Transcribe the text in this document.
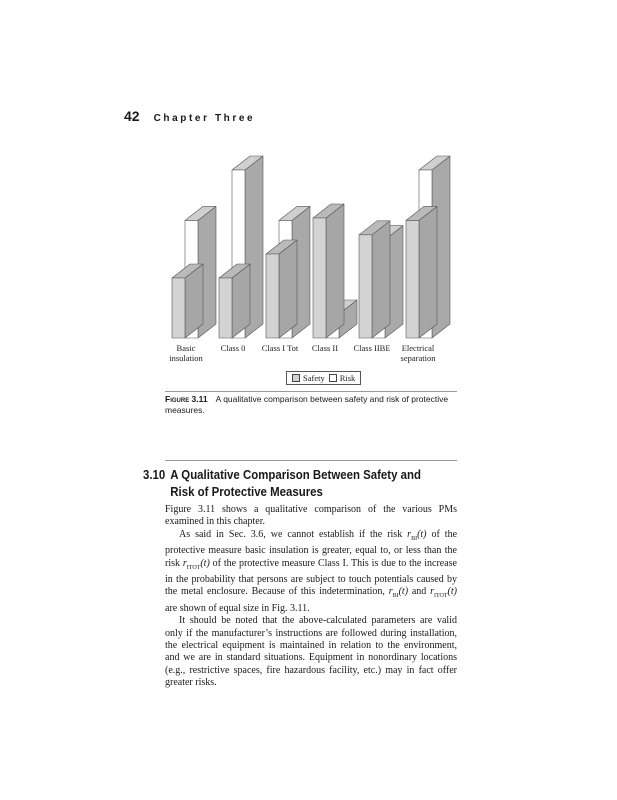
42 Chapter Three
Basic insulation
Class 0 Class I Tot Class II Class IIBE Electrical separation
Safety Risk
Figure 3.11 A qualitative comparison between safety and risk of protective measures.
3.10 A Qualitative Comparison Between Safety and
Risk of Protective Measures

Figure 3.11 shows a qualitative comparison of the various PMs examined in this chapter.

As said in Sec. 3.6, we cannot establish if the risk $r_{BI}(t)$ of the protective measure basic insulation is greater, equal to, or less than the risk $r_{ITOT}(t)$ of the protective measure Class I. This is due to the increase in the probability that persons are subject to touch potentials caused by the metal enclosure. Because of this indetermination, $r_{BI}(t)$ and $r_{ITOT}(t)$ are shown of equal size in Fig. 3.11.

It should be noted that the above-calculated parameters are valid only if the manufacturer’s instructions are followed during installation, the electrical equipment is maintained in relation to the environment, and we are in standard situations. Equipment in nonordinary locations (e.g., restrictive spaces, fire hazardous facility, etc.) may in fact offer greater risks.
